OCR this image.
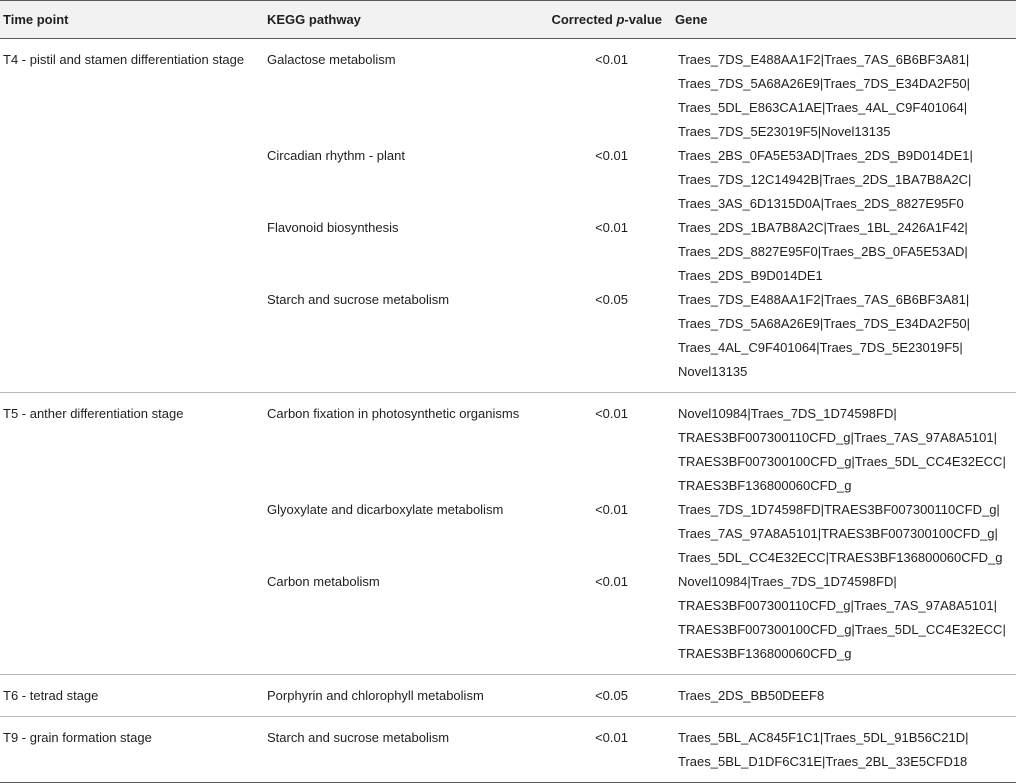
Time point	KEGG pathway	Corrected p-value	Gene
T4 - pistil and stamen differentiation stage	Galactose metabolism	<0.01	Traes_7DS_E488AA1F2|Traes_7AS_6B6BF3A81|
Traes_7DS_5A68A26E9|Traes_7DS_E34DA2F50|
Traes_5DL_E863CA1AE|Traes_4AL_C9F401064|
Traes_7DS_5E23019F5|Novel13135

	Circadian rhythm - plant	<0.01	Traes_2BS_0FA5E53AD|Traes_2DS_B9D014DE1|
Traes_7DS_12C14942B|Traes_2DS_1BA7B8A2C|
Traes_3AS_6D1315D0A|Traes_2DS_8827E95F0

	Flavonoid biosynthesis	<0.01	Traes_2DS_1BA7B8A2C|Traes_1BL_2426A1F42|
Traes_2DS_8827E95F0|Traes_2BS_0FA5E53AD|
Traes_2DS_B9D014DE1

	Starch and sucrose metabolism	<0.05	Traes_7DS_E488AA1F2|Traes_7AS_6B6BF3A81|
Traes_7DS_5A68A26E9|Traes_7DS_E34DA2F50|
Traes_4AL_C9F401064|Traes_7DS_5E23019F5|
Novel13135

T5 - anther differentiation stage	Carbon fixation in photosynthetic organisms	<0.01	Novel10984|Traes_7DS_1D74598FD|
TRAES3BF007300110CFD_g|Traes_7AS_97A8A5101|
TRAES3BF007300100CFD_g|Traes_5DL_CC4E32ECC|
TRAES3BF136800060CFD_g

	Glyoxylate and dicarboxylate metabolism	<0.01	Traes_7DS_1D74598FD|TRAES3BF007300110CFD_g|
Traes_7AS_97A8A5101|TRAES3BF007300100CFD_g|
Traes_5DL_CC4E32ECC|TRAES3BF136800060CFD_g

	Carbon metabolism	<0.01	Novel10984|Traes_7DS_1D74598FD|
TRAES3BF007300110CFD_g|Traes_7AS_97A8A5101|
TRAES3BF007300100CFD_g|Traes_5DL_CC4E32ECC|
TRAES3BF136800060CFD_g

T6 - tetrad stage	Porphyrin and chlorophyll metabolism	<0.05	Traes_2DS_BB50DEEF8

T9 - grain formation stage	Starch and sucrose metabolism	<0.01	Traes_5BL_AC845F1C1|Traes_5DL_91B56C21D|
Traes_5BL_D1DF6C31E|Traes_2BL_33E5CFD18
